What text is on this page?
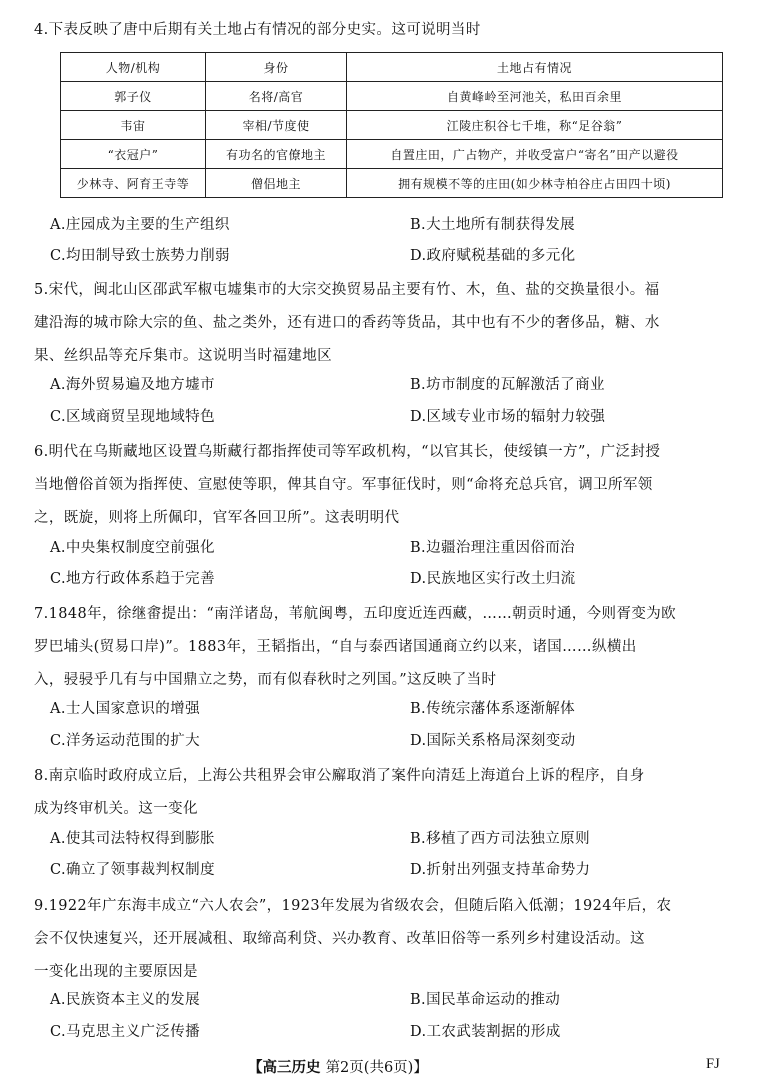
4.下表反映了唐中后期有关土地占有情况的部分史实。这可说明当时
人物/机构	身份	土地占有情况
郭子仪	名将/高官	自黄峰岭至河池关，私田百余里
韦宙	宰相/节度使	江陵庄积谷七千堆，称“足谷翁”
“衣冠户”	有功名的官僚地主	自置庄田，广占物产，并收受富户“寄名”田产以避役
少林寺、阿育王寺等	僧侣地主	拥有规模不等的庄田(如少林寺柏谷庄占田四十顷)
A.庄园成为主要的生产组织	B.大土地所有制获得发展
C.均田制导致士族势力削弱	D.政府赋税基础的多元化
5.宋代，闽北山区邵武军椒屯墟集市的大宗交换贸易品主要有竹、木，鱼、盐的交换量很小。福
建沿海的城市除大宗的鱼、盐之类外，还有进口的香药等货品，其中也有不少的奢侈品，糖、水
果、丝织品等充斥集市。这说明当时福建地区
A.海外贸易遍及地方墟市	B.坊市制度的瓦解激活了商业
C.区域商贸呈现地域特色	D.区域专业市场的辐射力较强
6.明代在乌斯藏地区设置乌斯藏行都指挥使司等军政机构，“以官其长，使绥镇一方”，广泛封授
当地僧俗首领为指挥使、宣慰使等职，俾其自守。军事征伐时，则“命将充总兵官，调卫所军领
之，既旋，则将上所佩印，官军各回卫所”。这表明明代
A.中央集权制度空前强化	B.边疆治理注重因俗而治
C.地方行政体系趋于完善	D.民族地区实行改土归流
7.1848年，徐继畬提出：“南洋诸岛，苇航闽粤，五印度近连西藏，……朝贡时通，今则胥变为欧
罗巴埔头(贸易口岸)”。1883年，王韬指出，“自与泰西诸国通商立约以来，诸国……纵横出
入，骎骎乎几有与中国鼎立之势，而有似春秋时之列国。”这反映了当时
A.士人国家意识的增强	B.传统宗藩体系逐渐解体
C.洋务运动范围的扩大	D.国际关系格局深刻变动
8.南京临时政府成立后，上海公共租界会审公廨取消了案件向清廷上海道台上诉的程序，自身
成为终审机关。这一变化
A.使其司法特权得到膨胀	B.移植了西方司法独立原则
C.确立了领事裁判权制度	D.折射出列强支持革命势力
9.1922年广东海丰成立“六人农会”，1923年发展为省级农会，但随后陷入低潮；1924年后，农
会不仅快速复兴，还开展减租、取缔高利贷、兴办教育、改革旧俗等一系列乡村建设活动。这
一变化出现的主要原因是
A.民族资本主义的发展	B.国民革命运动的推动
C.马克思主义广泛传播	D.工农武装割据的形成
【高三历史 第2页(共6页)】	FJ
